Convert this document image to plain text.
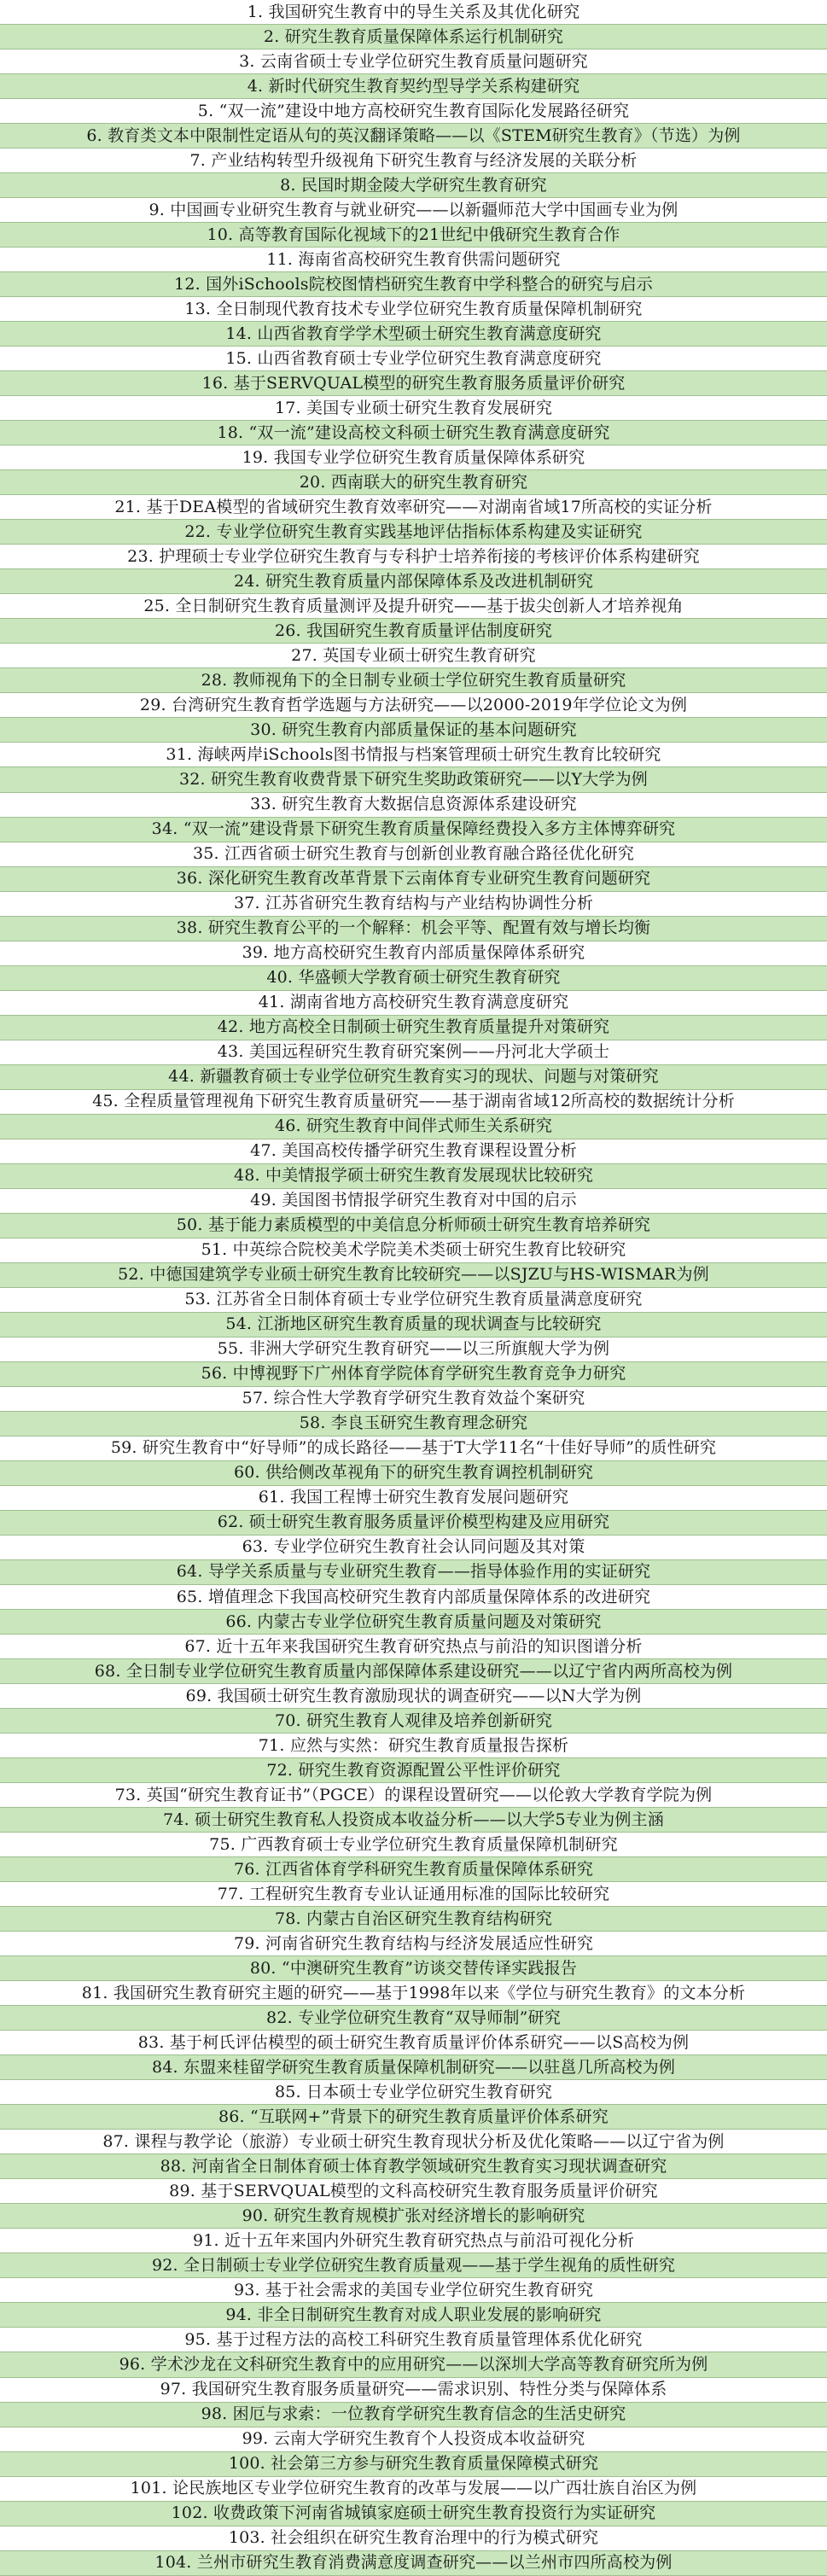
1. 我国研究生教育中的导生关系及其优化研究
2. 研究生教育质量保障体系运行机制研究
3. 云南省硕士专业学位研究生教育质量问题研究
4. 新时代研究生教育契约型导学关系构建研究
5. “双一流”建设中地方高校研究生教育国际化发展路径研究
6. 教育类文本中限制性定语从句的英汉翻译策略——以《STEM研究生教育》（节选）为例
7. 产业结构转型升级视角下研究生教育与经济发展的关联分析
8. 民国时期金陵大学研究生教育研究
9. 中国画专业研究生教育与就业研究——以新疆师范大学中国画专业为例
10. 高等教育国际化视域下的21世纪中俄研究生教育合作
11. 海南省高校研究生教育供需问题研究
12. 国外iSchools院校图情档研究生教育中学科整合的研究与启示
13. 全日制现代教育技术专业学位研究生教育质量保障机制研究
14. 山西省教育学学术型硕士研究生教育满意度研究
15. 山西省教育硕士专业学位研究生教育满意度研究
16. 基于SERVQUAL模型的研究生教育服务质量评价研究
17. 美国专业硕士研究生教育发展研究
18. “双一流”建设高校文科硕士研究生教育满意度研究
19. 我国专业学位研究生教育质量保障体系研究
20. 西南联大的研究生教育研究
21. 基于DEA模型的省域研究生教育效率研究——对湖南省域17所高校的实证分析
22. 专业学位研究生教育实践基地评估指标体系构建及实证研究
23. 护理硕士专业学位研究生教育与专科护士培养衔接的考核评价体系构建研究
24. 研究生教育质量内部保障体系及改进机制研究
25. 全日制研究生教育质量测评及提升研究——基于拔尖创新人才培养视角
26. 我国研究生教育质量评估制度研究
27. 英国专业硕士研究生教育研究
28. 教师视角下的全日制专业硕士学位研究生教育质量研究
29. 台湾研究生教育哲学选题与方法研究——以2000-2019年学位论文为例
30. 研究生教育内部质量保证的基本问题研究
31. 海峡两岸iSchools图书情报与档案管理硕士研究生教育比较研究
32. 研究生教育收费背景下研究生奖助政策研究——以Y大学为例
33. 研究生教育大数据信息资源体系建设研究
34. “双一流”建设背景下研究生教育质量保障经费投入多方主体博弈研究
35. 江西省硕士研究生教育与创新创业教育融合路径优化研究
36. 深化研究生教育改革背景下云南体育专业研究生教育问题研究
37. 江苏省研究生教育结构与产业结构协调性分析
38. 研究生教育公平的一个解释：机会平等、配置有效与增长均衡
39. 地方高校研究生教育内部质量保障体系研究
40. 华盛顿大学教育硕士研究生教育研究
41. 湖南省地方高校研究生教育满意度研究
42. 地方高校全日制硕士研究生教育质量提升对策研究
43. 美国远程研究生教育研究案例——丹河北大学硕士
44. 新疆教育硕士专业学位研究生教育实习的现状、问题与对策研究
45. 全程质量管理视角下研究生教育质量研究——基于湖南省域12所高校的数据统计分析
46. 研究生教育中间伴式师生关系研究
47. 美国高校传播学研究生教育课程设置分析
48. 中美情报学硕士研究生教育发展现状比较研究
49. 美国图书情报学研究生教育对中国的启示
50. 基于能力素质模型的中美信息分析师硕士研究生教育培养研究
51. 中英综合院校美术学院美术类硕士研究生教育比较研究
52. 中德国建筑学专业硕士研究生教育比较研究——以SJZU与HS-WISMAR为例
53. 江苏省全日制体育硕士专业学位研究生教育质量满意度研究
54. 江浙地区研究生教育质量的现状调查与比较研究
55. 非洲大学研究生教育研究——以三所旗舰大学为例
56. 中博视野下广州体育学院体育学研究生教育竞争力研究
57. 综合性大学教育学研究生教育效益个案研究
58. 李良玉研究生教育理念研究
59. 研究生教育中“好导师”的成长路径——基于T大学11名“十佳好导师”的质性研究
60. 供给侧改革视角下的研究生教育调控机制研究
61. 我国工程博士研究生教育发展问题研究
62. 硕士研究生教育服务质量评价模型构建及应用研究
63. 专业学位研究生教育社会认同问题及其对策
64. 导学关系质量与专业研究生教育——指导体验作用的实证研究
65. 增值理念下我国高校研究生教育内部质量保障体系的改进研究
66. 内蒙古专业学位研究生教育质量问题及对策研究
67. 近十五年来我国研究生教育研究热点与前沿的知识图谱分析
68. 全日制专业学位研究生教育质量内部保障体系建设研究——以辽宁省内两所高校为例
69. 我国硕士研究生教育激励现状的调查研究——以N大学为例
70. 研究生教育人观律及培养创新研究
71. 应然与实然：研究生教育质量报告探析
72. 研究生教育资源配置公平性评价研究
73. 英国“研究生教育证书”（PGCE）的课程设置研究——以伦敦大学教育学院为例
74. 硕士研究生教育私人投资成本收益分析——以大学5专业为例主涵
75. 广西教育硕士专业学位研究生教育质量保障机制研究
76. 江西省体育学科研究生教育质量保障体系研究
77. 工程研究生教育专业认证通用标准的国际比较研究
78. 内蒙古自治区研究生教育结构研究
79. 河南省研究生教育结构与经济发展适应性研究
80. “中澳研究生教育”访谈交替传译实践报告
81. 我国研究生教育研究主题的研究——基于1998年以来《学位与研究生教育》的文本分析
82. 专业学位研究生教育“双导师制”研究
83. 基于柯氏评估模型的硕士研究生教育质量评价体系研究——以S高校为例
84. 东盟来桂留学研究生教育质量保障机制研究——以驻邕几所高校为例
85. 日本硕士专业学位研究生教育研究
86. “互联网+”背景下的研究生教育质量评价体系研究
87. 课程与教学论（旅游）专业硕士研究生教育现状分析及优化策略——以辽宁省为例
88. 河南省全日制体育硕士体育教学领域研究生教育实习现状调查研究
89. 基于SERVQUAL模型的文科高校研究生教育服务质量评价研究
90. 研究生教育规模扩张对经济增长的影响研究
91. 近十五年来国内外研究生教育研究热点与前沿可视化分析
92. 全日制硕士专业学位研究生教育质量观——基于学生视角的质性研究
93. 基于社会需求的美国专业学位研究生教育研究
94. 非全日制研究生教育对成人职业发展的影响研究
95. 基于过程方法的高校工科研究生教育质量管理体系优化研究
96. 学术沙龙在文科研究生教育中的应用研究——以深圳大学高等教育研究所为例
97. 我国研究生教育服务质量研究——需求识别、特性分类与保障体系
98. 困厄与求索：一位教育学研究生教育信念的生活史研究
99. 云南大学研究生教育个人投资成本收益研究
100. 社会第三方参与研究生教育质量保障模式研究
101. 论民族地区专业学位研究生教育的改革与发展——以广西壮族自治区为例
102. 收费政策下河南省城镇家庭硕士研究生教育投资行为实证研究
103. 社会组织在研究生教育治理中的行为模式研究
104. 兰州市研究生教育消费满意度调查研究——以兰州市四所高校为例
